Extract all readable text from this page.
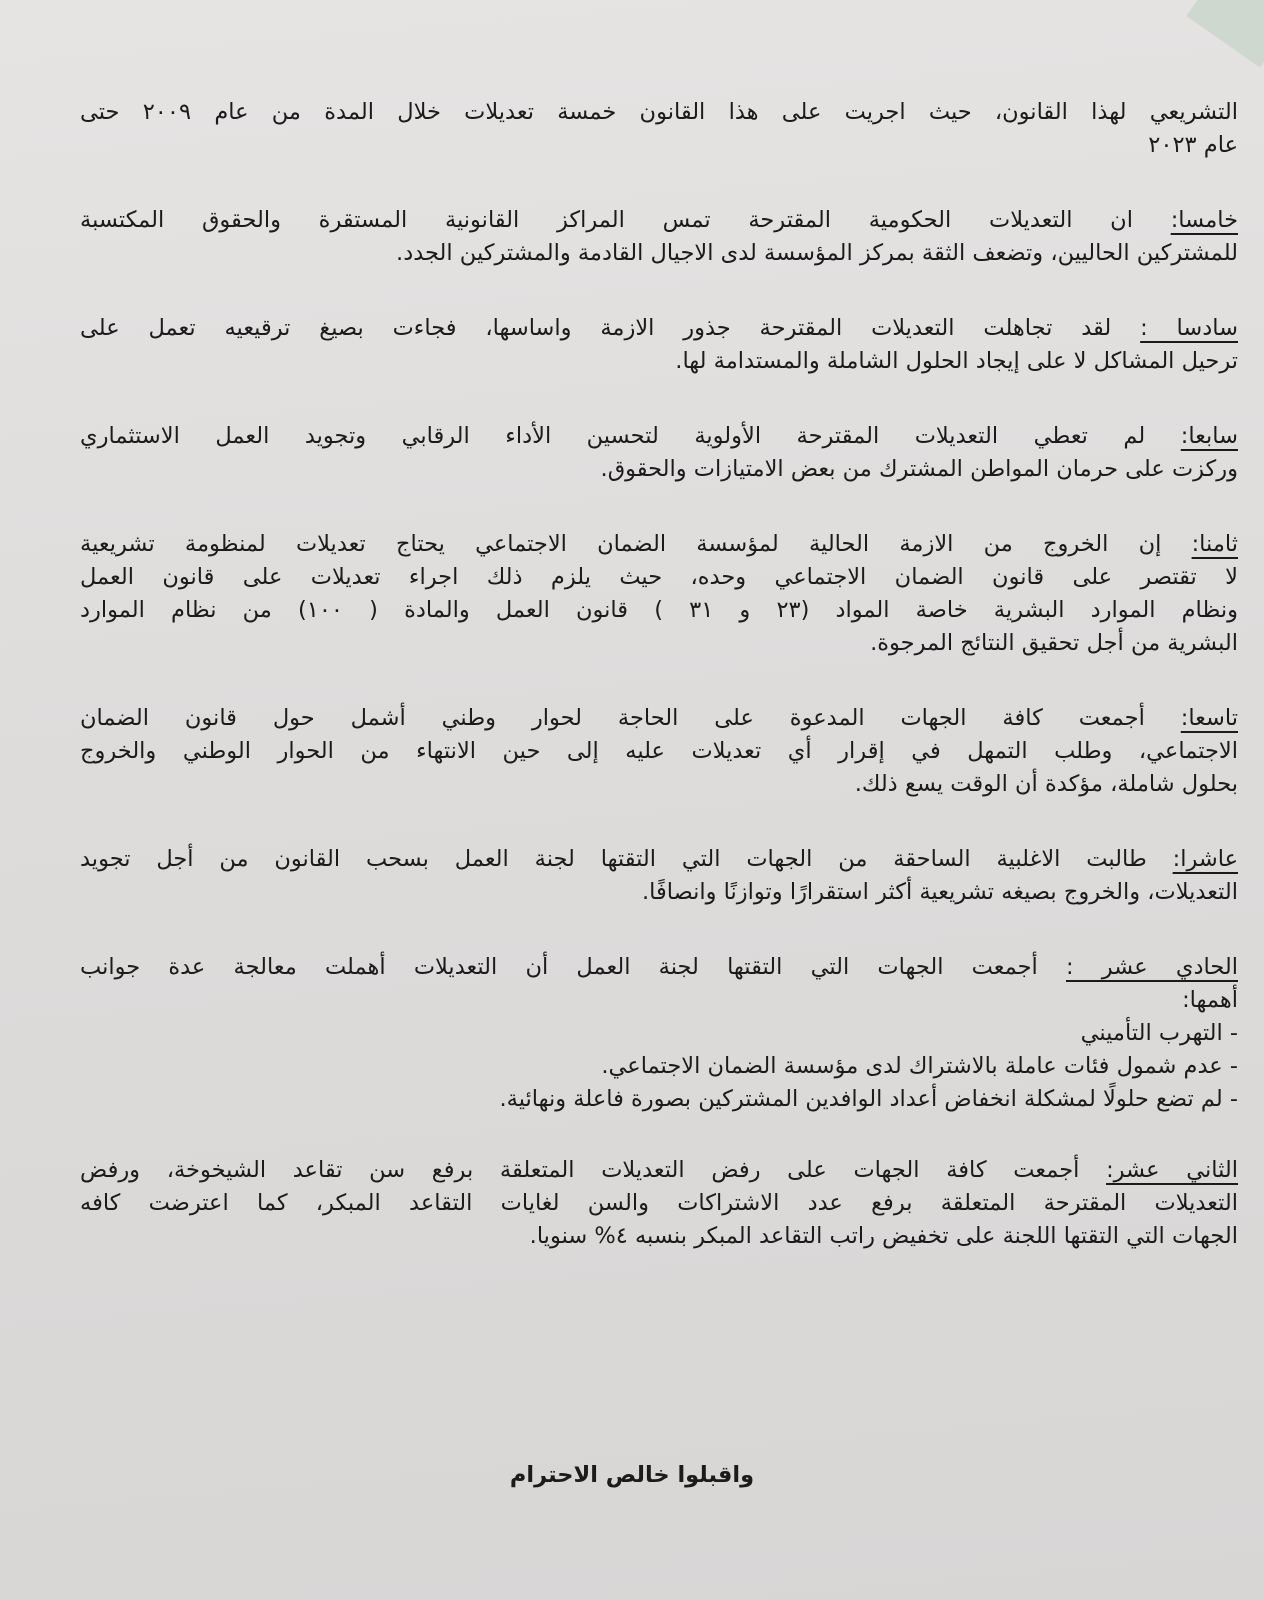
التشريعي لهذا القانون، حيث اجريت على هذا القانون خمسة تعديلات خلال المدة من عام ٢٠٠٩ حتى
عام ٢٠٢٣
خامسا: ان التعديلات الحكومية المقترحة تمس المراكز القانونية المستقرة والحقوق المكتسبة
للمشتركين الحاليين، وتضعف الثقة بمركز المؤسسة لدى الاجيال القادمة والمشتركين الجدد.
سادسا : لقد تجاهلت التعديلات المقترحة جذور الازمة واساسها، فجاءت بصيغ ترقيعيه تعمل على
ترحيل المشاكل لا على إيجاد الحلول الشاملة والمستدامة لها.
سابعا: لم تعطي التعديلات المقترحة الأولوية لتحسين الأداء الرقابي وتجويد العمل الاستثماري
وركزت على حرمان المواطن المشترك من بعض الامتيازات والحقوق.
ثامنا: إن الخروج من الازمة الحالية لمؤسسة الضمان الاجتماعي يحتاج تعديلات لمنظومة تشريعية
لا تقتصر على قانون الضمان الاجتماعي وحده، حيث يلزم ذلك اجراء تعديلات على قانون العمل
ونظام الموارد البشرية خاصة المواد (٢٣ و ٣١ ) قانون العمل والمادة ( ١٠٠) من نظام الموارد
البشرية من أجل تحقيق النتائج المرجوة.
تاسعا: أجمعت كافة الجهات المدعوة على الحاجة لحوار وطني أشمل حول قانون الضمان
الاجتماعي، وطلب التمهل في إقرار أي تعديلات عليه إلى حين الانتهاء من الحوار الوطني والخروج
بحلول شاملة، مؤكدة أن الوقت يسع ذلك.
عاشرا: طالبت الاغلبية الساحقة من الجهات التي التقتها لجنة العمل بسحب القانون من أجل تجويد
التعديلات، والخروج بصيغه تشريعية أكثر استقرارًا وتوازنًا وانصافًا.
الحادي عشر : أجمعت الجهات التي التقتها لجنة العمل أن التعديلات أهملت معالجة عدة جوانب
أهمها:
- التهرب التأميني
- عدم شمول فئات عاملة بالاشتراك لدى مؤسسة الضمان الاجتماعي.
- لم تضع حلولًا لمشكلة انخفاض أعداد الوافدين المشتركين بصورة فاعلة ونهائية.
الثاني عشر: أجمعت كافة الجهات على رفض التعديلات المتعلقة برفع سن تقاعد الشيخوخة، ورفض
التعديلات المقترحة المتعلقة برفع عدد الاشتراكات والسن لغايات التقاعد المبكر، كما اعترضت كافه
الجهات التي التقتها اللجنة على تخفيض راتب التقاعد المبكر بنسبه ٤% سنويا.
واقبلوا خالص الاحترام
